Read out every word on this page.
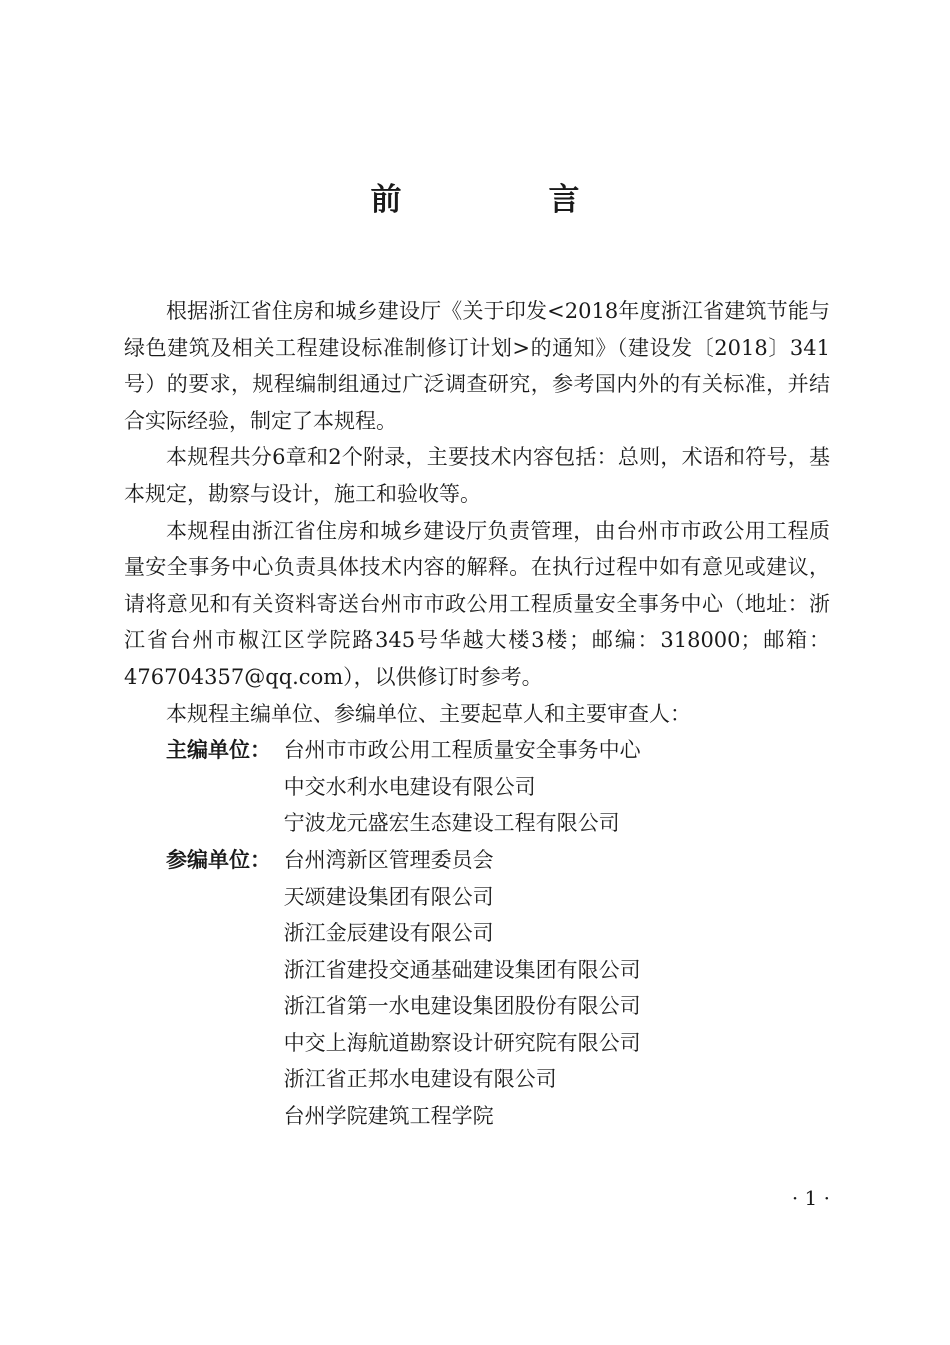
前　言

根据浙江省住房和城乡建设厅《关于印发<2018年度浙江省建筑节能与绿色建筑及相关工程建设标准制修订计划>的通知》（建设发〔2018〕341号）的要求，规程编制组通过广泛调查研究，参考国内外的有关标准，并结合实际经验，制定了本规程。

本规程共分6章和2个附录，主要技术内容包括：总则，术语和符号，基本规定，勘察与设计，施工和验收等。

本规程由浙江省住房和城乡建设厅负责管理，由台州市市政公用工程质量安全事务中心负责具体技术内容的解释。在执行过程中如有意见或建议，请将意见和有关资料寄送台州市市政公用工程质量安全事务中心（地址：浙江省台州市椒江区学院路345号华越大楼3楼；邮编：318000；邮箱：476704357@qq.com），以供修订时参考。

本规程主编单位、参编单位、主要起草人和主要审查人：

主编单位： 台州市市政公用工程质量安全事务中心
中交水利水电建设有限公司
宁波龙元盛宏生态建设工程有限公司
参编单位： 台州湾新区管理委员会
天颂建设集团有限公司
浙江金辰建设有限公司
浙江省建投交通基础建设集团有限公司
浙江省第一水电建设集团股份有限公司
中交上海航道勘察设计研究院有限公司
浙江省正邦水电建设有限公司
台州学院建筑工程学院
· 1 ·
